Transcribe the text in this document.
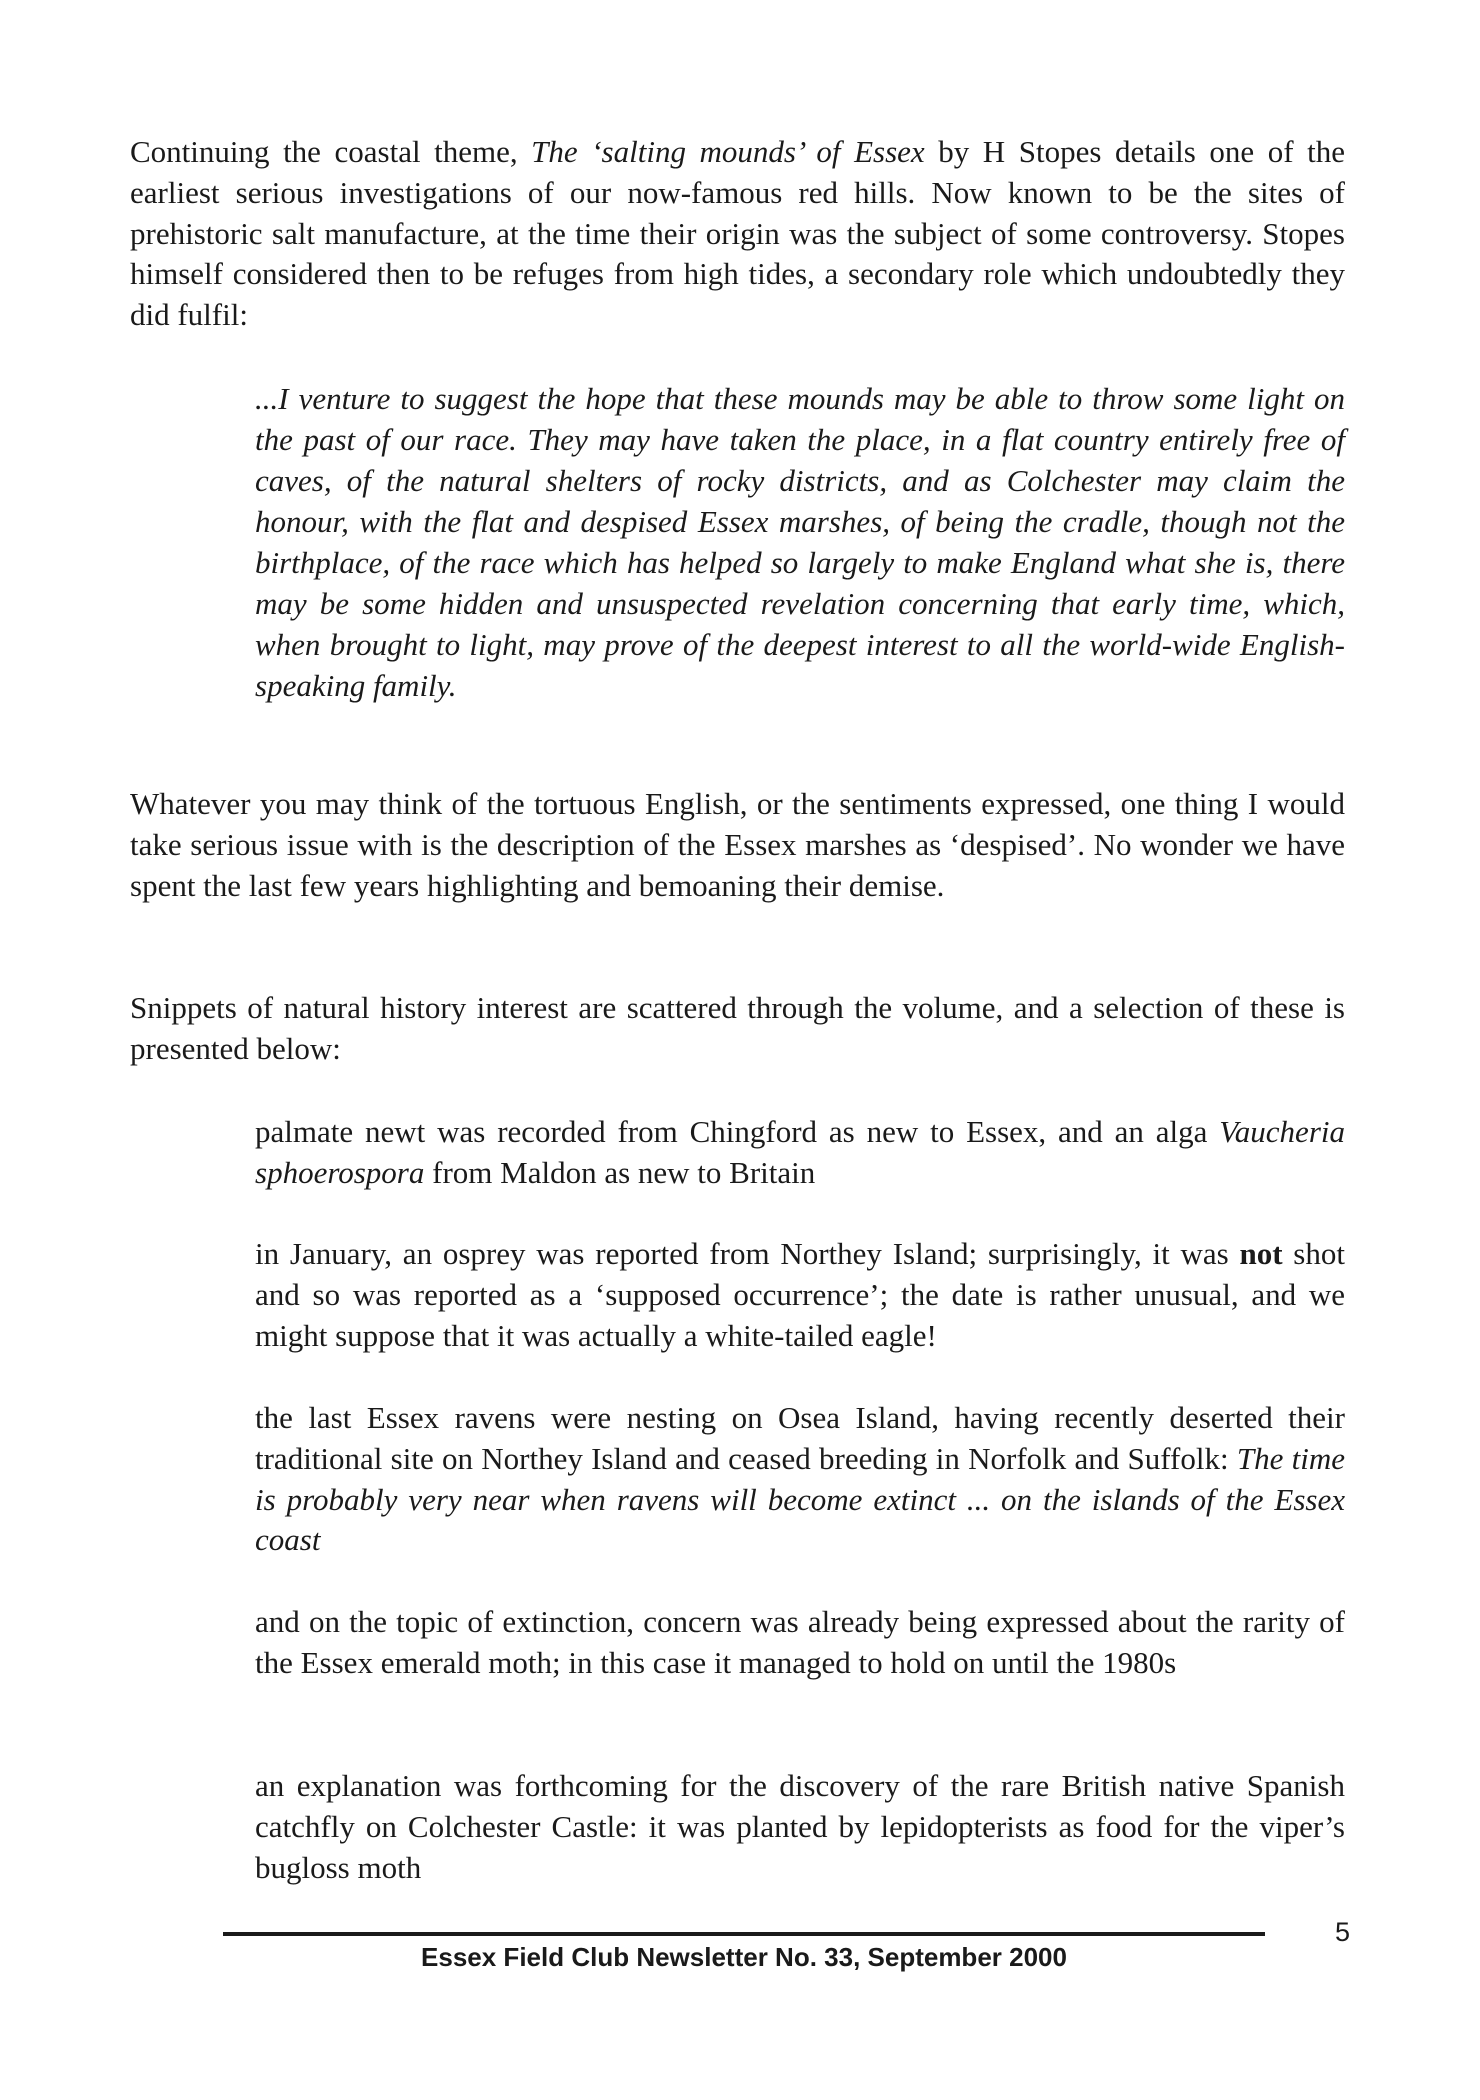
Continuing the coastal theme, The ‘salting mounds’ of Essex by H Stopes details one of the earliest serious investigations of our now-famous red hills. Now known to be the sites of prehistoric salt manufacture, at the time their origin was the subject of some controversy. Stopes himself considered then to be refuges from high tides, a secondary role which undoubtedly they did fulfil:

...I venture to suggest the hope that these mounds may be able to throw some light on the past of our race. They may have taken the place, in a flat country entirely free of caves, of the natural shelters of rocky districts, and as Colchester may claim the honour, with the flat and despised Essex marshes, of being the cradle, though not the birthplace, of the race which has helped so largely to make England what she is, there may be some hidden and unsuspected revelation concerning that early time, which, when brought to light, may prove of the deepest interest to all the world-wide English-speaking family.

Whatever you may think of the tortuous English, or the sentiments expressed, one thing I would take serious issue with is the description of the Essex marshes as ‘despised’. No wonder we have spent the last few years highlighting and bemoaning their demise.

Snippets of natural history interest are scattered through the volume, and a selection of these is presented below:

palmate newt was recorded from Chingford as new to Essex, and an alga Vaucheria sphoerospora from Maldon as new to Britain

in January, an osprey was reported from Northey Island; surprisingly, it was not shot and so was reported as a ‘supposed occurrence’; the date is rather unusual, and we might suppose that it was actually a white-tailed eagle!

the last Essex ravens were nesting on Osea Island, having recently deserted their traditional site on Northey Island and ceased breeding in Norfolk and Suffolk: The time is probably very near when ravens will become extinct ... on the islands of the Essex coast

and on the topic of extinction, concern was already being expressed about the rarity of the Essex emerald moth; in this case it managed to hold on until the 1980s

an explanation was forthcoming for the discovery of the rare British native Spanish catchfly on Colchester Castle: it was planted by lepidopterists as food for the viper’s bugloss moth

Essex Field Club Newsletter No. 33, September 2000
5
